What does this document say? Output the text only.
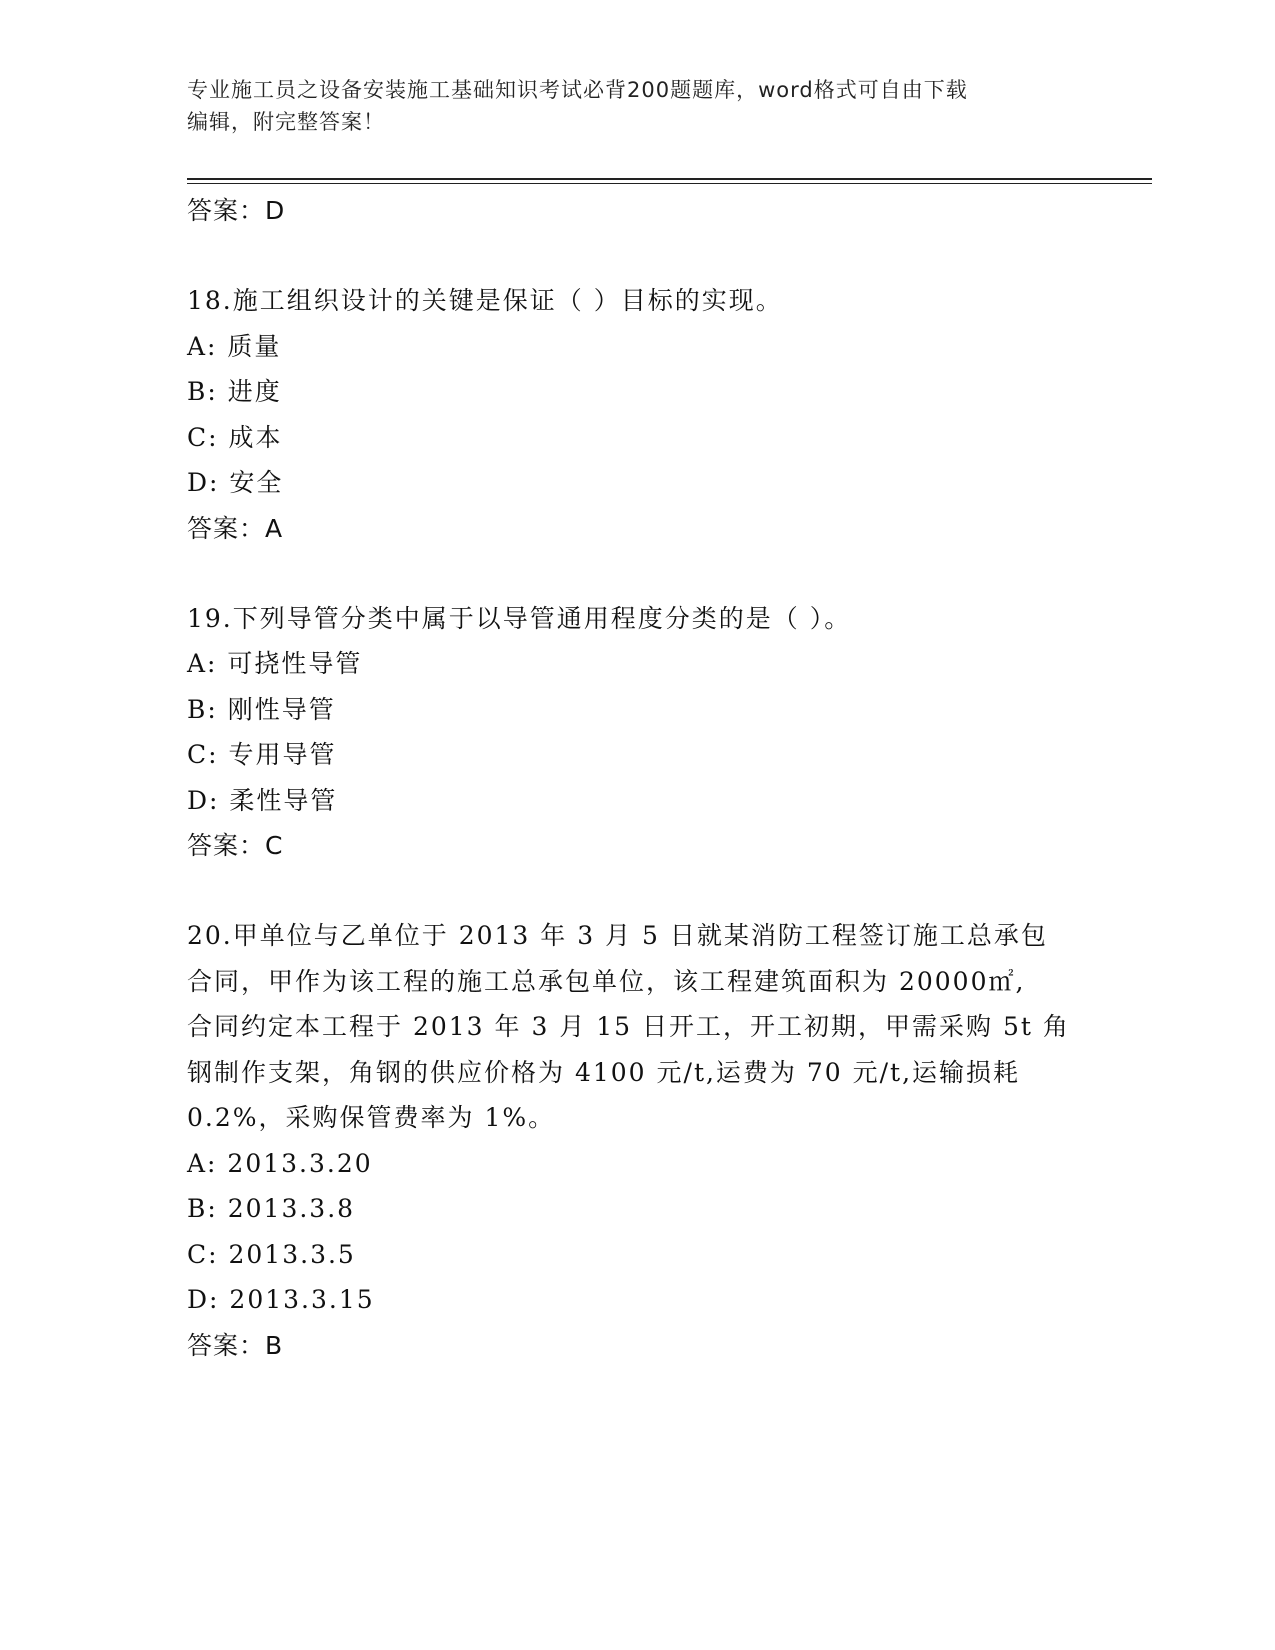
专业施工员之设备安装施工基础知识考试必背200题题库，word格式可自由下载
编辑，附完整答案！
答案：D
18.施工组织设计的关键是保证（ ）目标的实现。
A: 质量
B: 进度
C: 成本
D: 安全
答案：A
19.下列导管分类中属于以导管通用程度分类的是（ ）。
A: 可挠性导管
B: 刚性导管
C: 专用导管
D: 柔性导管
答案：C
20.甲单位与乙单位于 2013 年 3 月 5 日就某消防工程签订施工总承包
合同，甲作为该工程的施工总承包单位，该工程建筑面积为 20000㎡,
合同约定本工程于 2013 年 3 月 15 日开工，开工初期，甲需采购 5t 角
钢制作支架，角钢的供应价格为 4100 元/t,运费为 70 元/t,运输损耗
0.2%，采购保管费率为 1%。
A: 2013.3.20
B: 2013.3.8
C: 2013.3.5
D: 2013.3.15
答案：B
